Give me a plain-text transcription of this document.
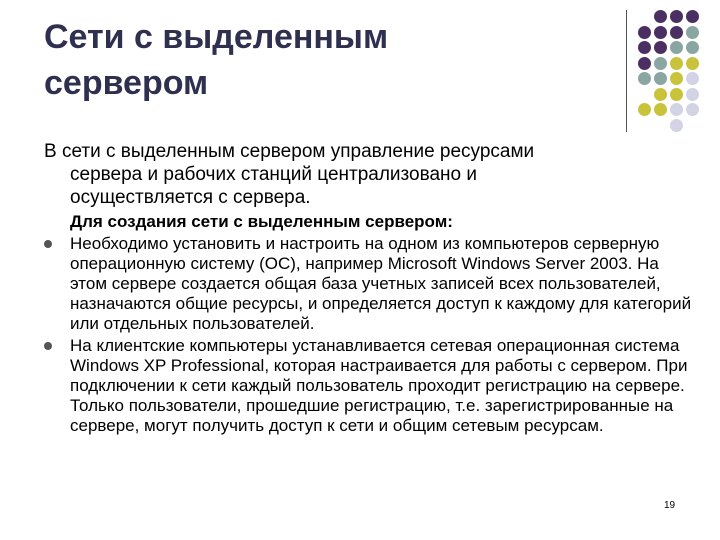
Сети с выделенным
сервером
В сети с выделенным сервером управление ресурсами
сервера и рабочих станций централизовано и
осуществляется с сервера.
Для создания сети с выделенным сервером:
Необходимо установить и настроить на одном из компьютеров серверную операционную систему (ОС), например Microsoft Windows Server 2003. На этом сервере создается общая база учетных записей всех пользователей, назначаются общие ресурсы, и определяется доступ к каждому для категорий или отдельных пользователей.
На клиентские компьютеры устанавливается сетевая операционная система Windows XP Professional, которая настраивается для работы с сервером. При подключении к сети каждый пользователь проходит регистрацию на сервере. Только пользователи, прошедшие регистрацию, т.е. зарегистрированные на сервере, могут получить доступ к сети и общим сетевым ресурсам.
19
